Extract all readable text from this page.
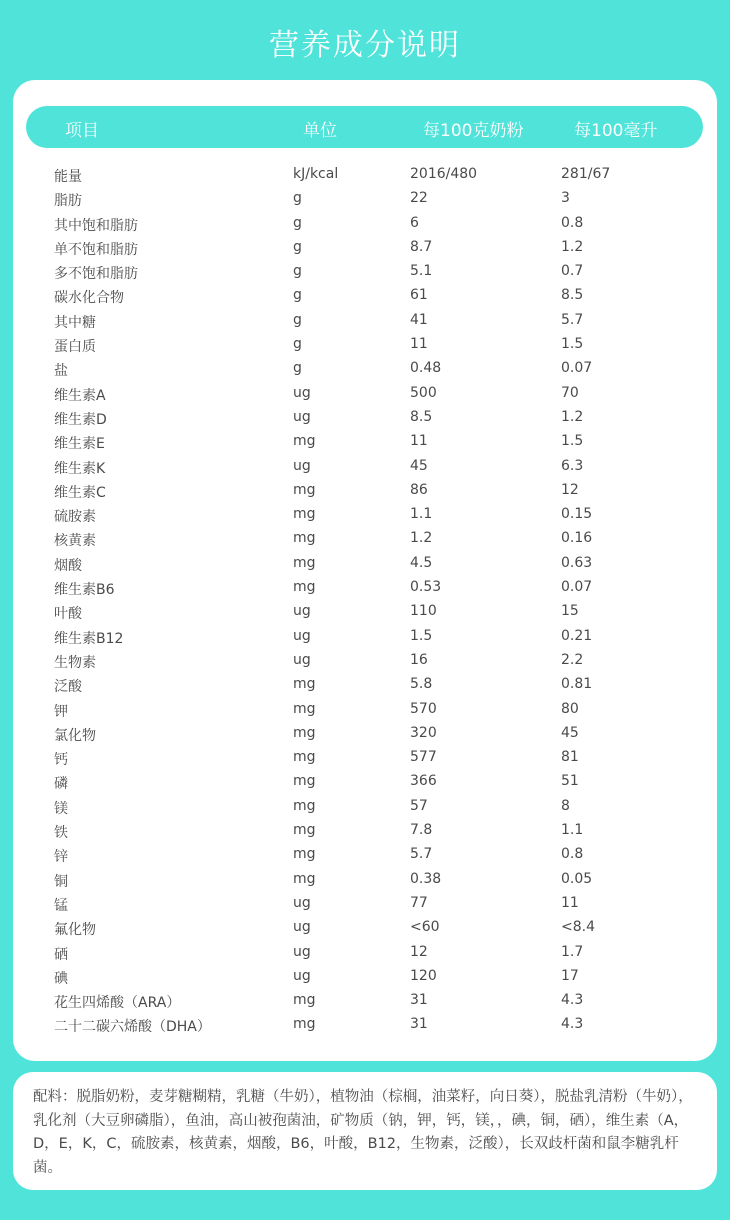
营养成分说明
项目	单位	每100克奶粉	每100毫升
能量	kJ/kcal	2016/480	281/67
脂肪	g	22	3
其中饱和脂肪	g	6	0.8
单不饱和脂肪	g	8.7	1.2
多不饱和脂肪	g	5.1	0.7
碳水化合物	g	61	8.5
其中糖	g	41	5.7
蛋白质	g	11	1.5
盐	g	0.48	0.07
维生素A	ug	500	70
维生素D	ug	8.5	1.2
维生素E	mg	11	1.5
维生素K	ug	45	6.3
维生素C	mg	86	12
硫胺素	mg	1.1	0.15
核黄素	mg	1.2	0.16
烟酸	mg	4.5	0.63
维生素B6	mg	0.53	0.07
叶酸	ug	110	15
维生素B12	ug	1.5	0.21
生物素	ug	16	2.2
泛酸	mg	5.8	0.81
钾	mg	570	80
氯化物	mg	320	45
钙	mg	577	81
磷	mg	366	51
镁	mg	57	8
铁	mg	7.8	1.1
锌	mg	5.7	0.8
铜	mg	0.38	0.05
锰	ug	77	11
氟化物	ug	<60	<8.4
硒	ug	12	1.7
碘	ug	120	17
花生四烯酸（ARA）	mg	31	4.3
二十二碳六烯酸（DHA）	mg	31	4.3
配料：脱脂奶粉，麦芽糖糊精，乳糖（牛奶），植物油（棕榈，油菜籽，向日葵），脱盐乳清粉（牛奶），乳化剂（大豆卵磷脂），鱼油，高山被孢菌油，矿物质（钠，钾，钙，镁，，碘，铜，硒），维生素（A，D，E，K，C，硫胺素，核黄素，烟酸，B6，叶酸，B12，生物素，泛酸），长双歧杆菌和鼠李糖乳杆菌。
